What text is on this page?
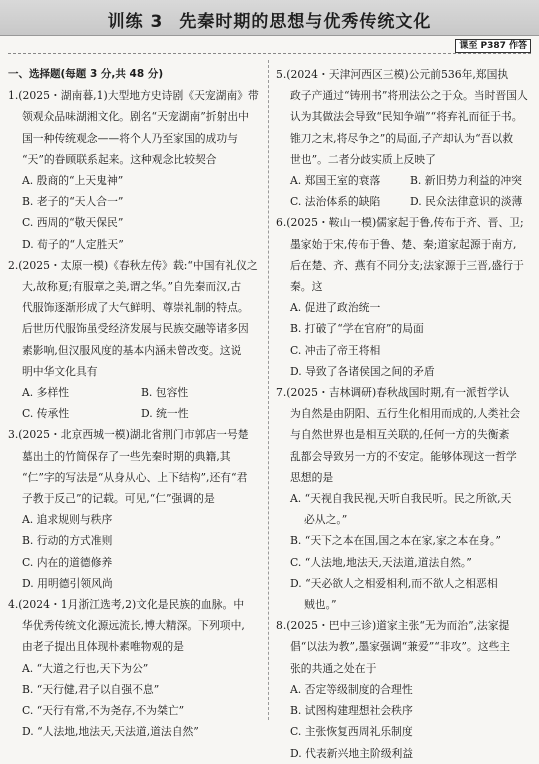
训练 3 先秦时期的思想与优秀传统文化
课至 P387 作答
一、选择题(每题 3 分,共 48 分)
1.(2025・湖南暮,1)大型地方史诗剧《天宠湖南》带
领观众品味湖湘文化。剧名“天宠湖南”折射出中
国一种传统观念——将个人乃至家国的成功与
“天”的眷顾联系起来。这种观念比较契合
A. 殷商的“上天鬼神”
B. 老子的“天人合一”
C. 西周的“敬天保民”
D. 荀子的“人定胜天”
2.(2025・太原一模)《春秋左传》载:“中国有礼仪之
大,故称夏;有服章之美,谓之华。”自先秦而汉,古
代服饰逐渐形成了大气鲜明、尊崇礼制的特点。
后世历代服饰虽受经济发展与民族交融等诸多因
素影响,但汉服风度的基本内涵未曾改变。这说
明中华文化具有
A. 多样性	B. 包容性
C. 传承性	D. 统一性
3.(2025・北京西城一模)湖北省荆门市郭店一号楚
墓出土的竹简保存了一些先秦时期的典籍,其
“仁”字的写法是“从身从心、上下结构”,还有“君
子教于反己”的记载。可见,“仁”强调的是
A. 追求规则与秩序
B. 行动的方式准则
C. 内在的道德修养
D. 用明德引领风尚
4.(2024・1月浙江选考,2)文化是民族的血脉。中
华优秀传统文化源远流长,博大精深。下列项中,
由老子提出且体现朴素唯物观的是
A. “大道之行也,天下为公”
B. “天行健,君子以自强不息”
C. “天行有常,不为尧存,不为桀亡”
D. “人法地,地法天,天法道,道法自然”
5.(2024・天津河西区三模)公元前536年,郑国执
政子产通过“铸刑书”将刑法公之于众。当时晋国人
认为其做法会导致“民知争端”“将弃礼而征于书。
锥刀之末,将尽争之”的局面,子产却认为“吾以救
世也”。二者分歧实质上反映了
A. 郑国王室的衰落	B. 新旧势力利益的冲突
C. 法治体系的缺陷	D. 民众法律意识的淡薄
6.(2025・鞍山一模)儒家起于鲁,传布于齐、晋、卫;
墨家始于宋,传布于鲁、楚、秦;道家起源于南方,
后在楚、齐、燕有不同分支;法家源于三晋,盛行于
秦。这
A. 促进了政治统一
B. 打破了“学在官府”的局面
C. 冲击了帝王将相
D. 导致了各诸侯国之间的矛盾
7.(2025・吉林调研)春秋战国时期,有一派哲学认
为自然是由阴阳、五行生化相用而成的,人类社会
与自然世界也是相互关联的,任何一方的失衡紊
乱都会导致另一方的不安定。能够体现这一哲学
思想的是
A. “天视自我民视,天听自我民听。民之所欲,天
必从之。”
B. “天下之本在国,国之本在家,家之本在身。”
C. “人法地,地法天,天法道,道法自然。”
D. “天必欲人之相爱相利,而不欲人之相恶相
贼也。”
8.(2025・巴中三诊)道家主张“无为而治”,法家提
倡“以法为教”,墨家强调“兼爱”“非攻”。这些主
张的共通之处在于
A. 否定等级制度的合理性
B. 试图构建理想社会秩序
C. 主张恢复西周礼乐制度
D. 代表新兴地主阶级利益
